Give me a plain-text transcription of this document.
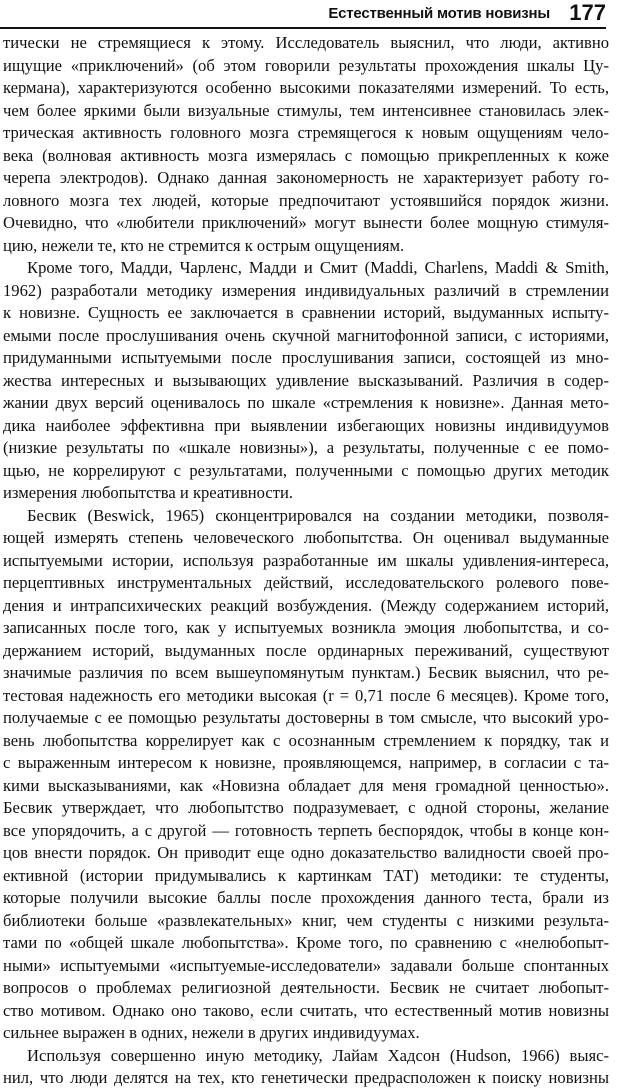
Естественный мотив новизны 177

тически не стремящиеся к этому. Исследователь выяснил, что люди, активно
ищущие «приключений» (об этом говорили результаты прохождения шкалы Цу-
кермана), характеризуются особенно высокими показателями измерений. То есть,
чем более яркими были визуальные стимулы, тем интенсивнее становилась элек-
трическая активность головного мозга стремящегося к новым ощущениям чело-
века (волновая активность мозга измерялась с помощью прикрепленных к коже
черепа электродов). Однако данная закономерность не характеризует работу го-
ловного мозга тех людей, которые предпочитают устоявшийся порядок жизни.
Очевидно, что «любители приключений» могут вынести более мощную стимуля-
цию, нежели те, кто не стремится к острым ощущениям.

Кроме того, Мадди, Чарленс, Мадди и Смит (Maddi, Charlens, Maddi & Smith,
1962) разработали методику измерения индивидуальных различий в стремлении
к новизне. Сущность ее заключается в сравнении историй, выдуманных испыту-
емыми после прослушивания очень скучной магнитофонной записи, с историями,
придуманными испытуемыми после прослушивания записи, состоящей из мно-
жества интересных и вызывающих удивление высказываний. Различия в содер-
жании двух версий оценивалось по шкале «стремления к новизне». Данная мето-
дика наиболее эффективна при выявлении избегающих новизны индивидуумов
(низкие результаты по «шкале новизны»), а результаты, полученные с ее помо-
щью, не коррелируют с результатами, полученными с помощью других методик
измерения любопытства и креативности.

Бесвик (Beswick, 1965) сконцентрировался на создании методики, позволя-
ющей измерять степень человеческого любопытства. Он оценивал выдуманные
испытуемыми истории, используя разработанные им шкалы удивления-интереса,
перцептивных инструментальных действий, исследовательского ролевого пове-
дения и интрапсихических реакций возбуждения. (Между содержанием историй,
записанных после того, как у испытуемых возникла эмоция любопытства, и со-
держанием историй, выдуманных после ординарных переживаний, существуют
значимые различия по всем вышеупомянутым пунктам.) Бесвик выяснил, что ре-
тестовая надежность его методики высокая (r = 0,71 после 6 месяцев). Кроме того,
получаемые с ее помощью результаты достоверны в том смысле, что высокий уро-
вень любопытства коррелирует как с осознанным стремлением к порядку, так и
с выраженным интересом к новизне, проявляющемся, например, в согласии с та-
кими высказываниями, как «Новизна обладает для меня громадной ценностью».
Бесвик утверждает, что любопытство подразумевает, с одной стороны, желание
все упорядочить, а с другой — готовность терпеть беспорядок, чтобы в конце кон-
цов внести порядок. Он приводит еще одно доказательство валидности своей про-
ективной (истории придумывались к картинкам ТАТ) методики: те студенты,
которые получили высокие баллы после прохождения данного теста, брали из
библиотеки больше «развлекательных» книг, чем студенты с низкими результа-
тами по «общей шкале любопытства». Кроме того, по сравнению с «нелюбопыт-
ными» испытуемыми «испытуемые-исследователи» задавали больше спонтанных
вопросов о проблемах религиозной деятельности. Бесвик не считает любопыт-
ство мотивом. Однако оно таково, если считать, что естественный мотив новизны
сильнее выражен в одних, нежели в других индивидуумах.

Используя совершенно иную методику, Лайам Хадсон (Hudson, 1966) выяс-
нил, что люди делятся на тех, кто генетически предрасположен к поиску новизны
